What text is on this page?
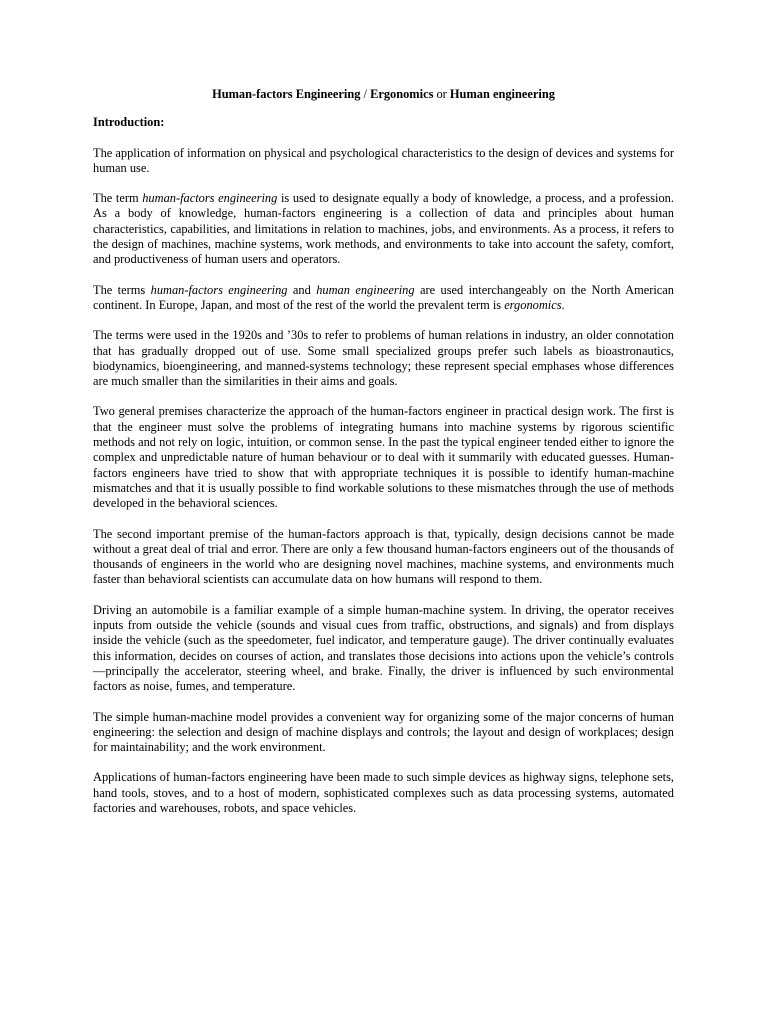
Human-factors Engineering / Ergonomics or Human engineering
Introduction:

The application of information on physical and psychological characteristics to the design of devices and systems for human use.

The term human-factors engineering is used to designate equally a body of knowledge, a process, and a profession. As a body of knowledge, human-factors engineering is a collection of data and principles about human characteristics, capabilities, and limitations in relation to machines, jobs, and environments. As a process, it refers to the design of machines, machine systems, work methods, and environments to take into account the safety, comfort, and productiveness of human users and operators.

The terms human-factors engineering and human engineering are used interchangeably on the North American continent. In Europe, Japan, and most of the rest of the world the prevalent term is ergonomics.

The terms were used in the 1920s and ’30s to refer to problems of human relations in industry, an older connotation that has gradually dropped out of use. Some small specialized groups prefer such labels as bioastronautics, biodynamics, bioengineering, and manned-systems technology; these represent special emphases whose differences are much smaller than the similarities in their aims and goals.

Two general premises characterize the approach of the human-factors engineer in practical design work. The first is that the engineer must solve the problems of integrating humans into machine systems by rigorous scientific methods and not rely on logic, intuition, or common sense. In the past the typical engineer tended either to ignore the complex and unpredictable nature of human behaviour or to deal with it summarily with educated guesses. Human-factors engineers have tried to show that with appropriate techniques it is possible to identify human-machine mismatches and that it is usually possible to find workable solutions to these mismatches through the use of methods developed in the behavioral sciences.

The second important premise of the human-factors approach is that, typically, design decisions cannot be made without a great deal of trial and error. There are only a few thousand human-factors engineers out of the thousands of thousands of engineers in the world who are designing novel machines, machine systems, and environments much faster than behavioral scientists can accumulate data on how humans will respond to them.

Driving an automobile is a familiar example of a simple human-machine system. In driving, the operator receives inputs from outside the vehicle (sounds and visual cues from traffic, obstructions, and signals) and from displays inside the vehicle (such as the speedometer, fuel indicator, and temperature gauge). The driver continually evaluates this information, decides on courses of action, and translates those decisions into actions upon the vehicle’s controls—principally the accelerator, steering wheel, and brake. Finally, the driver is influenced by such environmental factors as noise, fumes, and temperature.

The simple human-machine model provides a convenient way for organizing some of the major concerns of human engineering: the selection and design of machine displays and controls; the layout and design of workplaces; design for maintainability; and the work environment.

Applications of human-factors engineering have been made to such simple devices as highway signs, telephone sets, hand tools, stoves, and to a host of modern, sophisticated complexes such as data processing systems, automated factories and warehouses, robots, and space vehicles.
